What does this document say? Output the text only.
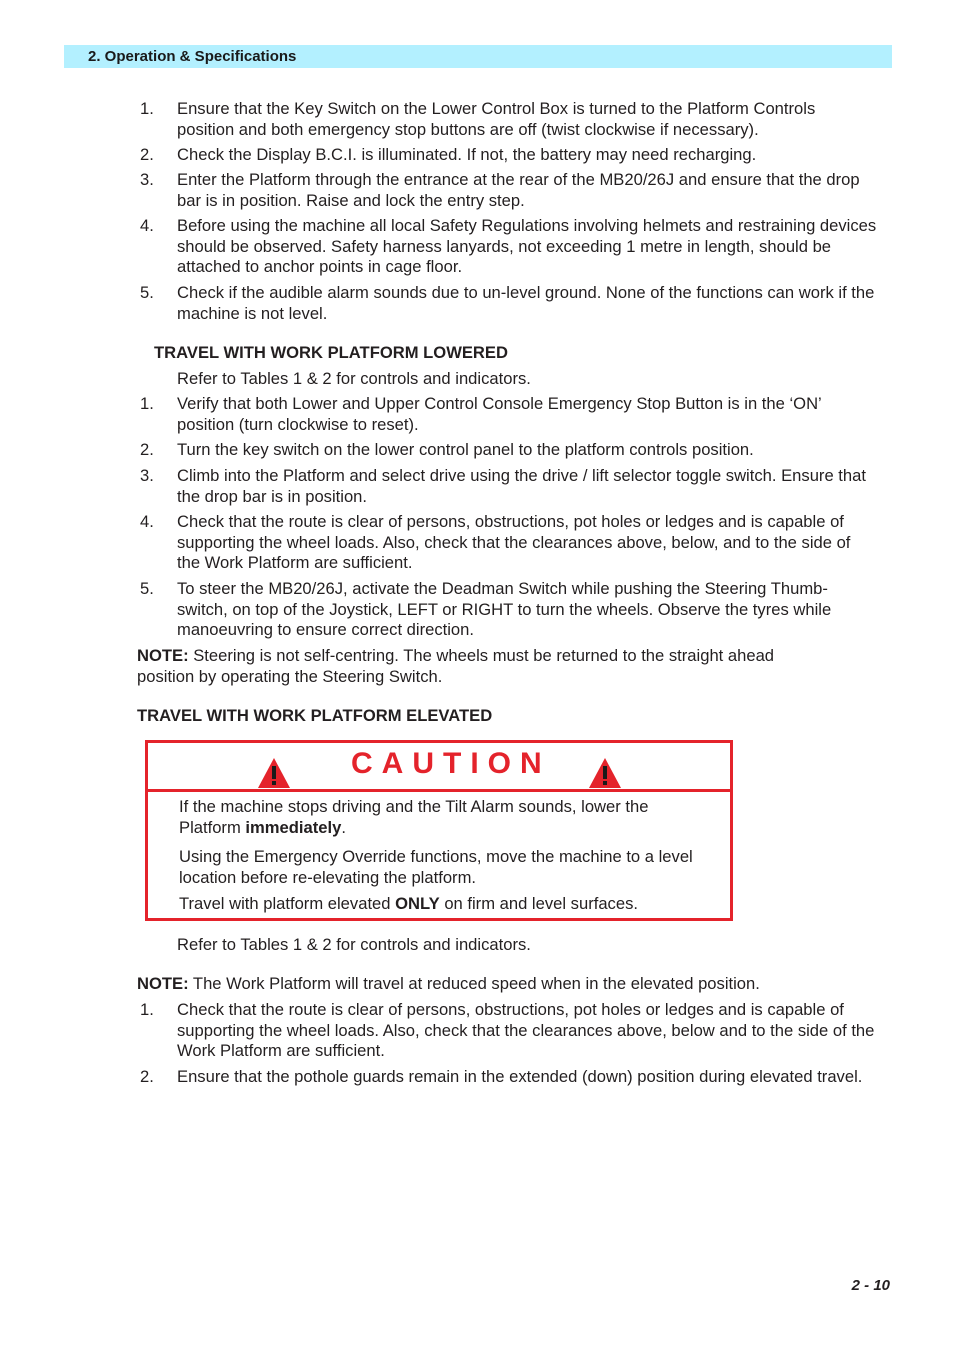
2. Operation & Specifications
1. Ensure that the Key Switch on the Lower Control Box is turned to the Platform Controls position and both emergency stop buttons are off (twist clockwise if necessary).
2. Check the Display B.C.I. is illuminated. If not, the battery may need recharging.
3. Enter the Platform through the entrance at the rear of the MB20/26J and ensure that the drop bar is in position. Raise and lock the entry step.
4. Before using the machine all local Safety Regulations involving helmets and restraining devices should be observed. Safety harness lanyards, not exceeding 1 metre in length, should be attached to anchor points in cage floor.
5. Check if the audible alarm sounds due to un-level ground. None of the functions can work if the machine is not level.
TRAVEL WITH WORK PLATFORM LOWERED
Refer to Tables 1 & 2 for controls and indicators.
1. Verify that both Lower and Upper Control Console Emergency Stop Button is in the ‘ON’ position (turn clockwise to reset).
2. Turn the key switch on the lower control panel to the platform controls position.
3. Climb into the Platform and select drive using the drive / lift selector toggle switch. Ensure that the drop bar is in position.
4. Check that the route is clear of persons, obstructions, pot holes or ledges and is capable of supporting the wheel loads. Also, check that the clearances above, below, and to the side of the Work Platform are sufficient.
5. To steer the MB20/26J, activate the Deadman Switch while pushing the Steering Thumb-switch, on top of the Joystick, LEFT or RIGHT to turn the wheels. Observe the tyres while manoeuvring to ensure correct direction.
NOTE: Steering is not self-centring. The wheels must be returned to the straight ahead position by operating the Steering Switch.
TRAVEL WITH WORK PLATFORM ELEVATED
CAUTION
If the machine stops driving and the Tilt Alarm sounds, lower the Platform immediately.
Using the Emergency Override functions, move the machine to a level location before re-elevating the platform.
Travel with platform elevated ONLY on firm and level surfaces.
Refer to Tables 1 & 2 for controls and indicators.
NOTE: The Work Platform will travel at reduced speed when in the elevated position.
1. Check that the route is clear of persons, obstructions, pot holes or ledges and is capable of supporting the wheel loads. Also, check that the clearances above, below and to the side of the Work Platform are sufficient.
2. Ensure that the pothole guards remain in the extended (down) position during elevated travel.
2 - 10
